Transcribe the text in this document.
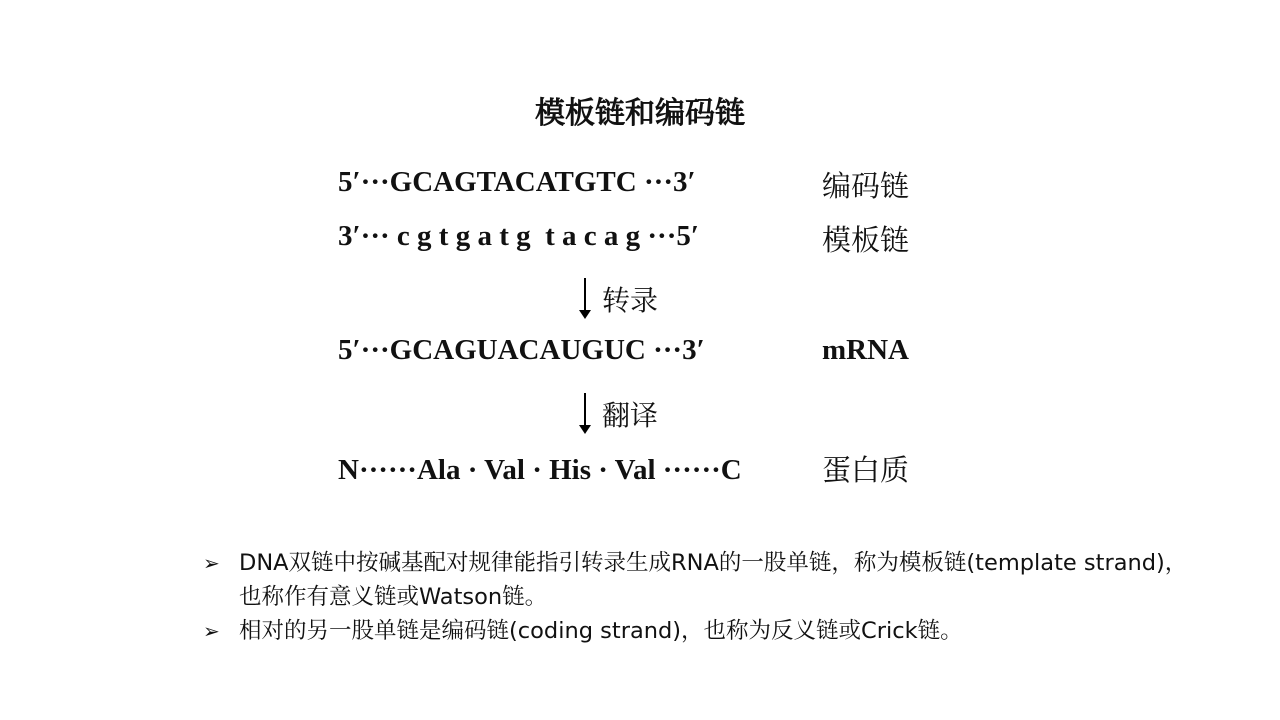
模板链和编码链
5′···GCAGTACATGTC ···3′	编码链
3′··· c g t g a t g  t a c a g ···5′	模板链
转录
5′···GCAGUACAUGUC ···3′	mRNA
翻译
N······Ala · Val · His · Val ······C	蛋白质
➢ DNA双链中按碱基配对规律能指引转录生成RNA的一股单链，称为模板链(template strand)，也称作有意义链或Watson链。
➢ 相对的另一股单链是编码链(coding strand)，也称为反义链或Crick链。
